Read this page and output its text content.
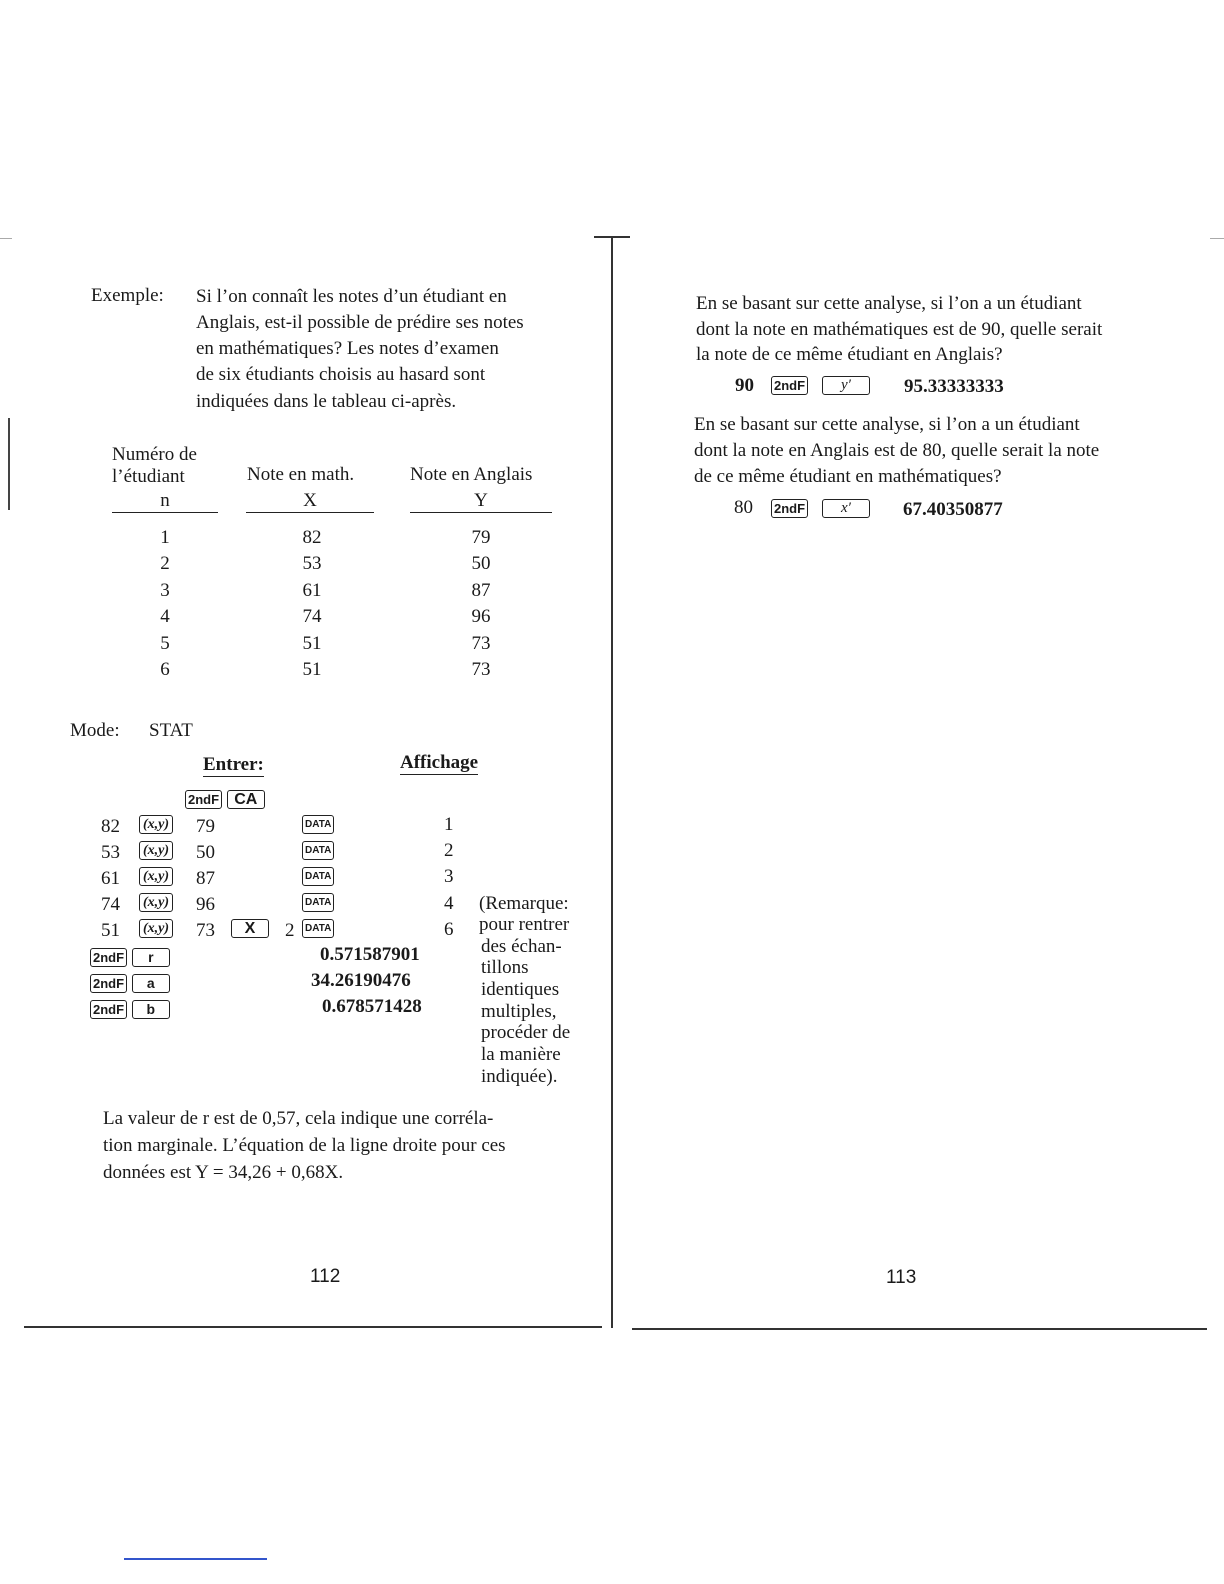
Exemple: Si l’on connaît les notes d’un étudiant en
Anglais, est-il possible de prédire ses notes
en mathématiques? Les notes d’examen
de six étudiants choisis au hasard sont
indiquées dans le tableau ci-après.
Numéro de
l’étudiant	Note en math.	Note en Anglais
n	X	Y
1	82	79
2	53	50
3	61	87
4	74	96
5	51	73
6	51	73
Mode: STAT
Entrer:	Affichage
2ndF CA
82 (x,y) 79	DATA	1
53 (x,y) 50	DATA	2
61 (x,y) 87	DATA	3
74 (x,y) 96	DATA	4
51 (x,y) 73	X	2	DATA	6
2ndF r	0.571587901
2ndF a	34.26190476
2ndF b	0.678571428
(Remarque:
pour rentrer
des échan-
tillons
identiques
multiples,
procéder de
la manière
indiquée).
La valeur de r est de 0,57, cela indique une corréla-
tion marginale. L’équation de la ligne droite pour ces
données est Y = 34,26 + 0,68X.
112
En se basant sur cette analyse, si l’on a un étudiant
dont la note en mathématiques est de 90, quelle serait
la note de ce même étudiant en Anglais?
90 2ndF	y′	95.33333333
En se basant sur cette analyse, si l’on a un étudiant
dont la note en Anglais est de 80, quelle serait la note
de ce même étudiant en mathématiques?
80 2ndF	x′	67.40350877
113
